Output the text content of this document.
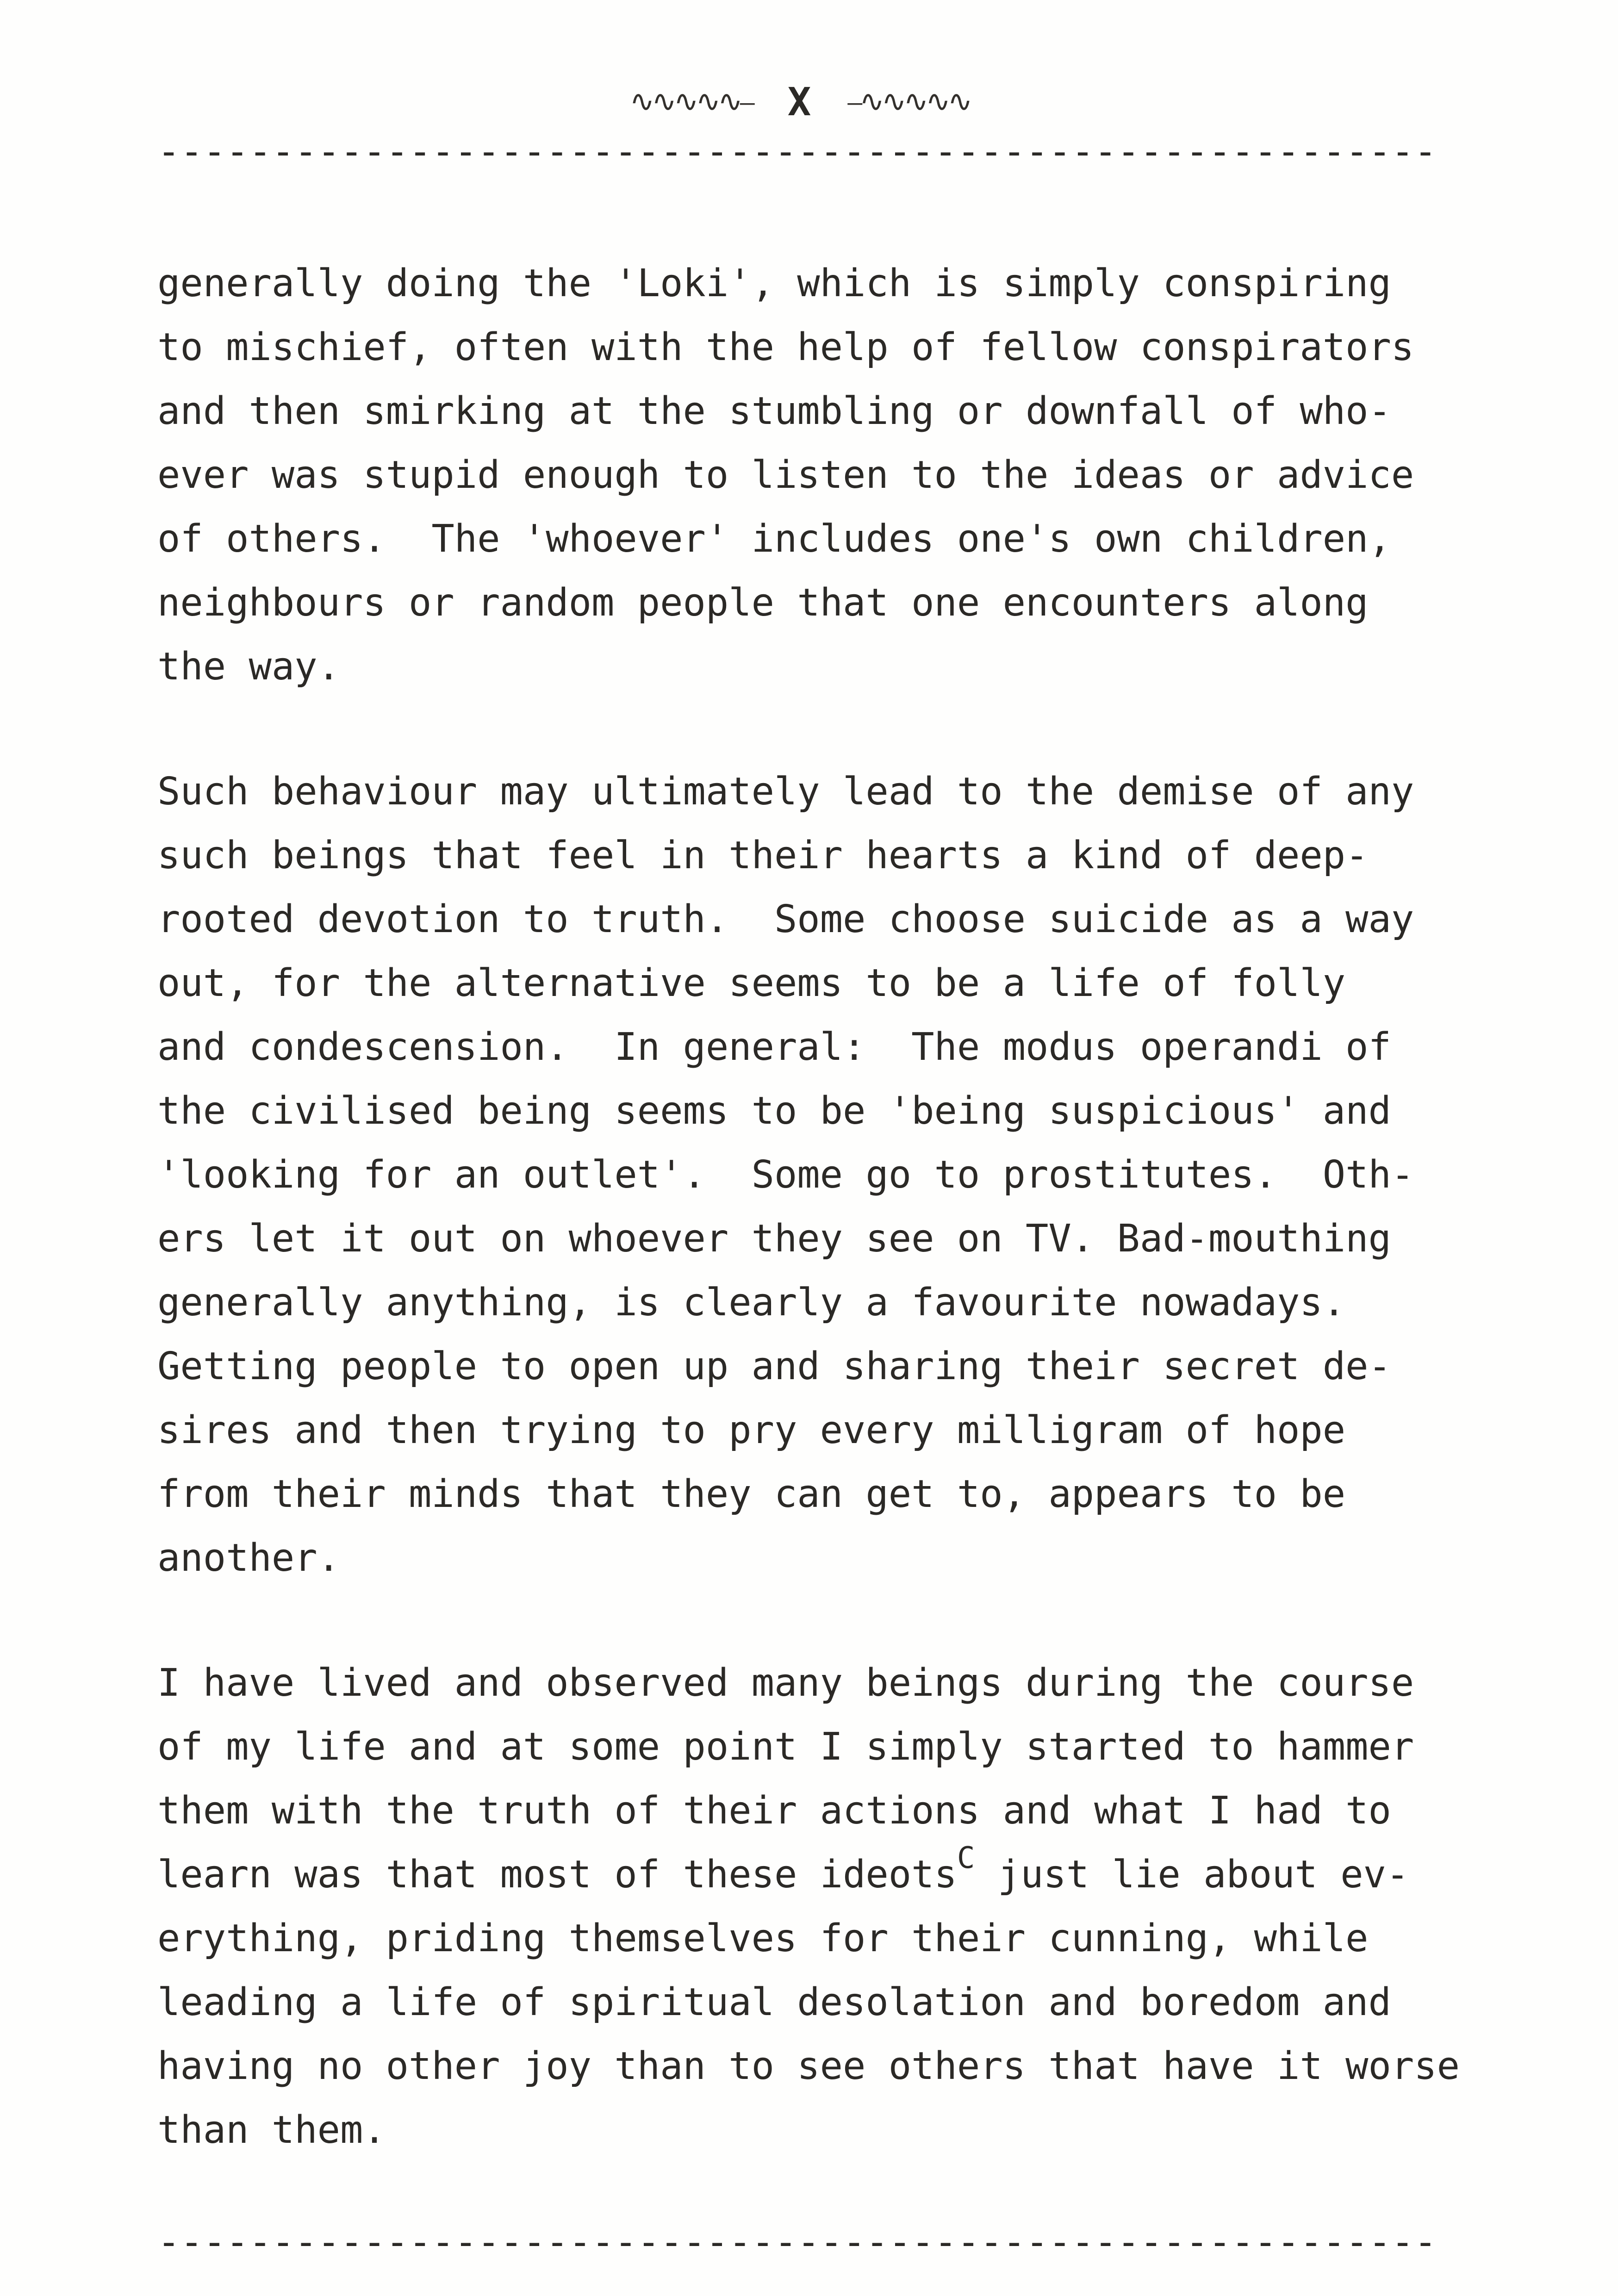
∿∿∿∿∿⎯ X ⎯∿∿∿∿∿
--------------------------------------------------------
generally doing the 'Loki', which is simply conspiring
to mischief, often with the help of fellow conspirators
and then smirking at the stumbling or downfall of who-
ever was stupid enough to listen to the ideas or advice
of others.  The 'whoever' includes one's own children,
neighbours or random people that one encounters along
the way.
Such behaviour may ultimately lead to the demise of any
such beings that feel in their hearts a kind of deep-
rooted devotion to truth.  Some choose suicide as a way
out, for the alternative seems to be a life of folly
and condescension.  In general:  The modus operandi of
the civilised being seems to be 'being suspicious' and
'looking for an outlet'.  Some go to prostitutes.  Oth-
ers let it out on whoever they see on TV. Bad-mouthing
generally anything, is clearly a favourite nowadays.
Getting people to open up and sharing their secret de-
sires and then trying to pry every milligram of hope
from their minds that they can get to, appears to be
another.
I have lived and observed many beings during the course
of my life and at some point I simply started to hammer
them with the truth of their actions and what I had to
learn was that most of these ideots$^C$ just lie about ev-
erything, priding themselves for their cunning, while
leading a life of spiritual desolation and boredom and
having no other joy than to see others that have it worse
than them.
--------------------------------------------------------
